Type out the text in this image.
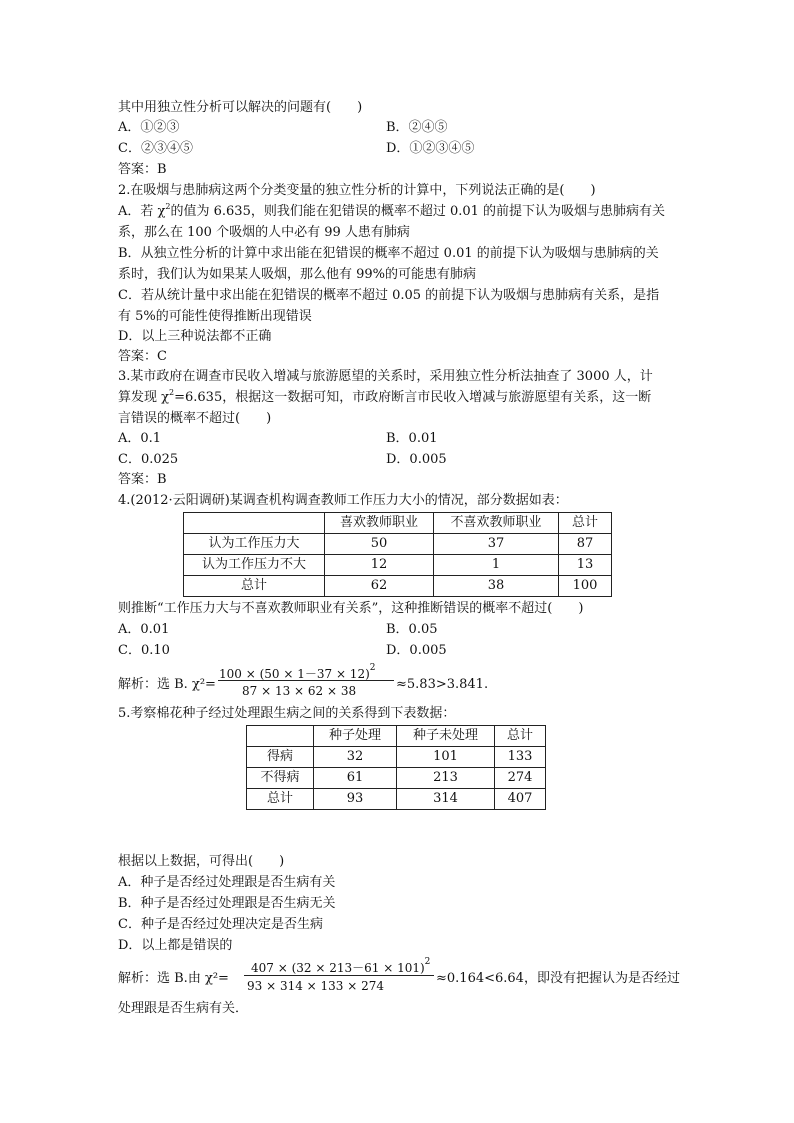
其中用独立性分析可以解决的问题有(　　)
A．①②③	B．②④⑤
C．②③④⑤	D．①②③④⑤
答案：B
2.在吸烟与患肺病这两个分类变量的独立性分析的计算中，下列说法正确的是(　　)
A．若 $\chi^2$的值为 6.635，则我们能在犯错误的概率不超过 0.01 的前提下认为吸烟与患肺病有关
系，那么在 100 个吸烟的人中必有 99 人患有肺病
B．从独立性分析的计算中求出能在犯错误的概率不超过 0.01 的前提下认为吸烟与患肺病的关
系时，我们认为如果某人吸烟，那么他有 99%的可能患有肺病
C．若从统计量中求出能在犯错误的概率不超过 0.05 的前提下认为吸烟与患肺病有关系，是指
有 5%的可能性使得推断出现错误
D．以上三种说法都不正确
答案：C
3.某市政府在调查市民收入增减与旅游愿望的关系时，采用独立性分析法抽查了 3000 人，计
算发现 $\chi^2=6.635$，根据这一数据可知，市政府断言市民收入增减与旅游愿望有关系，这一断
言错误的概率不超过(　　)
A．0.1	B．0.01
C．0.025	D．0.005
答案：B
4.(2012·云阳调研)某调查机构调查教师工作压力大小的情况，部分数据如表：
	喜欢教师职业	不喜欢教师职业	总计
认为工作压力大	50	37	87
认为工作压力不大	12	1	13
总计	62	38	100
则推断“工作压力大与不喜欢教师职业有关系”，这种推断错误的概率不超过(　　)
A．0.01	B．0.05
C．0.10	D．0.005
解析：选 B. χ²=
$100 \times (50 \times 1-37 \times 12)^2$
87 × 13 × 62 × 38	≈5.83>3.841.
5.考察棉花种子经过处理跟生病之间的关系得到下表数据：
	种子处理	种子未处理	总计
得病	32	101	133
不得病	61	213	274
总计	93	314	407
根据以上数据，可得出(　　)
A．种子是否经过处理跟是否生病有关
B．种子是否经过处理跟是否生病无关
C．种子是否经过处理决定是否生病
D．以上都是错误的
解析：选 B.由 χ²=
$407 \times (32 \times 213-61 \times 101)^2$
93 × 314 × 133 × 274	≈0.164<6.64，即没有把握认为是否经过
处理跟是否生病有关．
